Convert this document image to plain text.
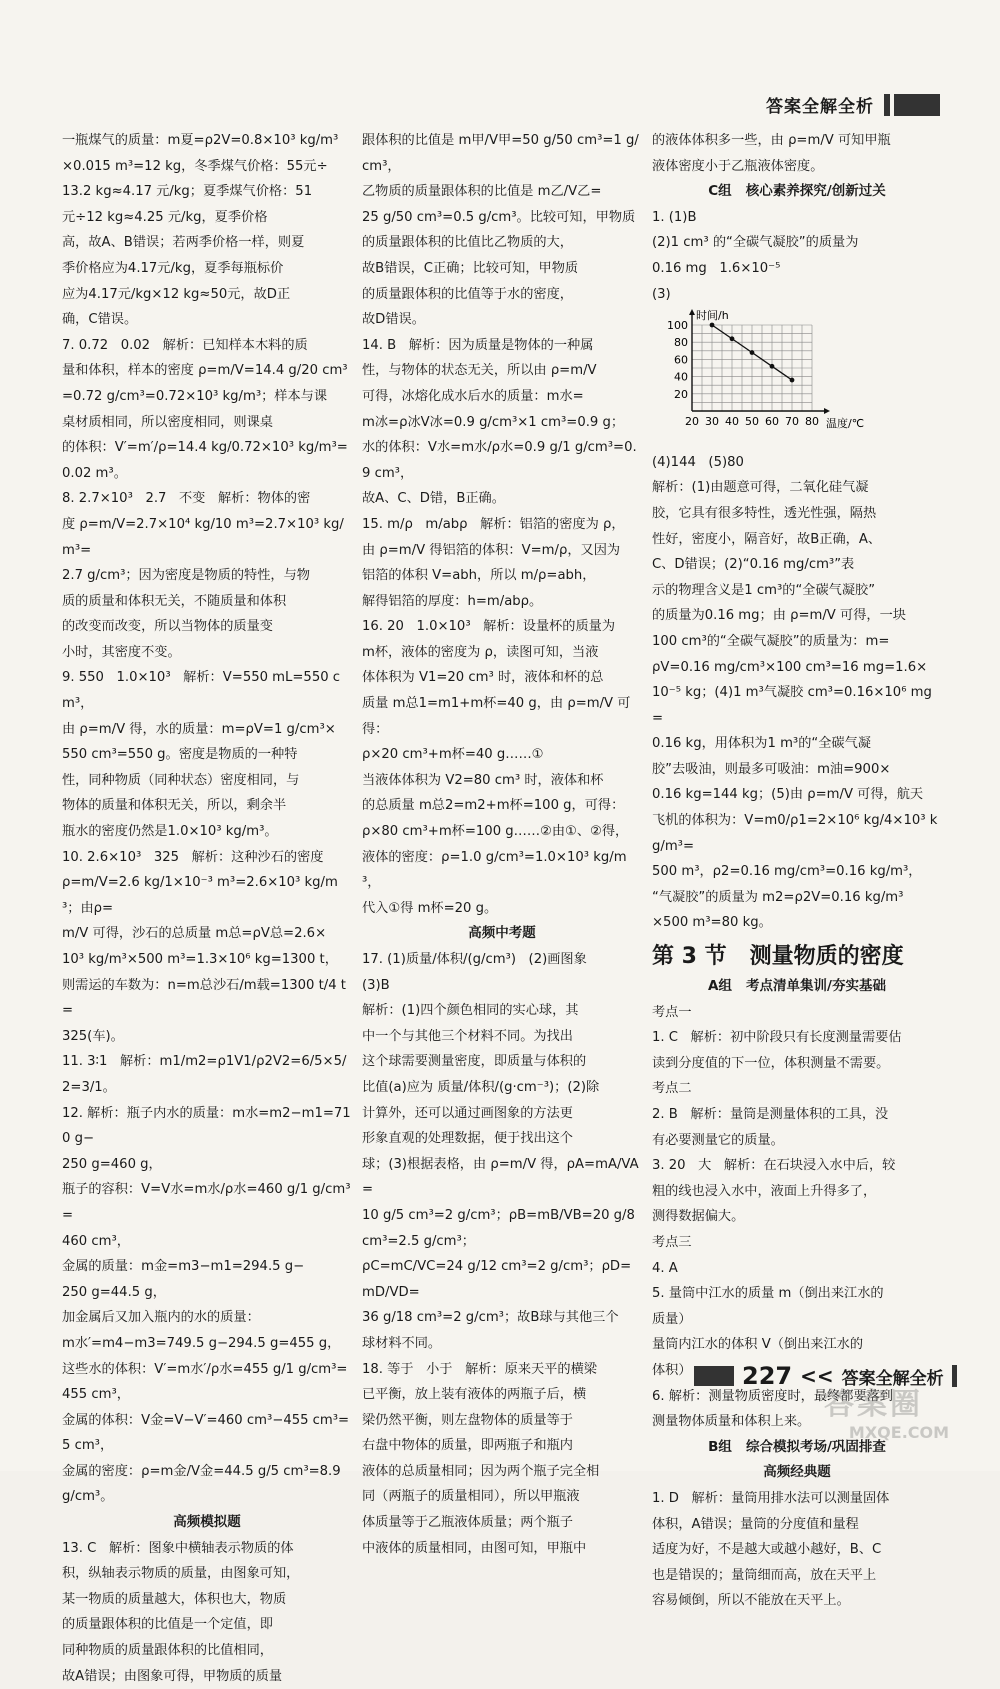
答案全解全析

一瓶煤气的质量：m夏=ρ2V=0.8×10³ kg/m³

×0.015 m³=12 kg，冬季煤气价格：55元÷

13.2 kg≈4.17 元/kg；夏季煤气价格：51

元÷12 kg≈4.25 元/kg，夏季价格

高，故A、B错误；若两季价格一样，则夏

季价格应为4.17元/kg，夏季每瓶标价

应为4.17元/kg×12 kg≈50元，故D正

确，C错误。

7. 0.72   0.02   解析：已知样本木料的质

量和体积，样本的密度 ρ=m/V=14.4 g/20 cm³

=0.72 g/cm³=0.72×10³ kg/m³；样本与课

桌材质相同，所以密度相同，则课桌

的体积：V′=m′/ρ=14.4 kg/0.72×10³ kg/m³=

0.02 m³。

8. 2.7×10³   2.7   不变   解析：物体的密

度 ρ=m/V=2.7×10⁴ kg/10 m³=2.7×10³ kg/m³=

2.7 g/cm³；因为密度是物质的特性，与物

质的质量和体积无关，不随质量和体积

的改变而改变，所以当物体的质量变

小时，其密度不变。

9. 550   1.0×10³   解析：V=550 mL=550 cm³，

由 ρ=m/V 得，水的质量：m=ρV=1 g/cm³×

550 cm³=550 g。密度是物质的一种特

性，同种物质（同种状态）密度相同，与

物体的质量和体积无关，所以，剩余半

瓶水的密度仍然是1.0×10³ kg/m³。

10. 2.6×10³   325   解析：这种沙石的密度

ρ=m/V=2.6 kg/1×10⁻³ m³=2.6×10³ kg/m³；由ρ=

m/V 可得，沙石的总质量 m总=ρV总=2.6×

10³ kg/m³×500 m³=1.3×10⁶ kg=1300 t，

则需运的车数为：n=m总沙石/m载=1300 t/4 t=

325(车)。

11. 3∶1   解析：m1/m2=ρ1V1/ρ2V2=6/5×5/2=3/1。

12. 解析：瓶子内水的质量：m水=m2−m1=710 g−

250 g=460 g，

瓶子的容积：V=V水=m水/ρ水=460 g/1 g/cm³=

460 cm³，

金属的质量：m金=m3−m1=294.5 g−

250 g=44.5 g，

加金属后又加入瓶内的水的质量：

m水′=m4−m3=749.5 g−294.5 g=455 g，

这些水的体积：V′=m水′/ρ水=455 g/1 g/cm³=

455 cm³，

金属的体积：V金=V−V′=460 cm³−455 cm³=

5 cm³，

金属的密度：ρ=m金/V金=44.5 g/5 cm³=8.9 g/cm³。

高频模拟题

13. C   解析：图象中横轴表示物质的体

积，纵轴表示物质的质量，由图象可知，

某一物质的质量越大，体积也大，物质

的质量跟体积的比值是一个定值，即

同种物质的质量跟体积的比值相同，

故A错误；由图象可得，甲物质的质量

跟体积的比值是 m甲/V甲=50 g/50 cm³=1 g/cm³，

乙物质的质量跟体积的比值是 m乙/V乙=

25 g/50 cm³=0.5 g/cm³。比较可知，甲物质

的质量跟体积的比值比乙物质的大，

故B错误，C正确；比较可知，甲物质

的质量跟体积的比值等于水的密度，

故D错误。

14. B   解析：因为质量是物体的一种属

性，与物体的状态无关，所以由 ρ=m/V

可得，冰熔化成水后水的质量：m水=

m冰=ρ冰V冰=0.9 g/cm³×1 cm³=0.9 g；

水的体积：V水=m水/ρ水=0.9 g/1 g/cm³=0.9 cm³，

故A、C、D错，B正确。

15. m/ρ   m/abρ   解析：铝箔的密度为 ρ，

由 ρ=m/V 得铝箔的体积：V=m/ρ，又因为

铝箔的体积 V=abh，所以 m/ρ=abh，

解得铝箔的厚度：h=m/abρ。

16. 20   1.0×10³   解析：设量杯的质量为

m杯，液体的密度为 ρ，读图可知，当液

体体积为 V1=20 cm³ 时，液体和杯的总

质量 m总1=m1+m杯=40 g，由 ρ=m/V 可得：

ρ×20 cm³+m杯=40 g……①

当液体体积为 V2=80 cm³ 时，液体和杯

的总质量 m总2=m2+m杯=100 g，可得：

ρ×80 cm³+m杯=100 g……②由①、②得，

液体的密度：ρ=1.0 g/cm³=1.0×10³ kg/m³，

代入①得 m杯=20 g。

高频中考题

17. (1)质量/体积/(g/cm³)   (2)画图象

(3)B

解析：(1)四个颜色相同的实心球，其

中一个与其他三个材料不同。为找出

这个球需要测量密度，即质量与体积的

比值(a)应为 质量/体积/(g·cm⁻³)；(2)除

计算外，还可以通过画图象的方法更

形象直观的处理数据，便于找出这个

球；(3)根据表格，由 ρ=m/V 得，ρA=mA/VA=

10 g/5 cm³=2 g/cm³；ρB=mB/VB=20 g/8 cm³=2.5 g/cm³；

ρC=mC/VC=24 g/12 cm³=2 g/cm³；ρD=mD/VD=

36 g/18 cm³=2 g/cm³；故B球与其他三个

球材料不同。

18. 等于   小于   解析：原来天平的横梁

已平衡，放上装有液体的两瓶子后，横

梁仍然平衡，则左盘物体的质量等于

右盘中物体的质量，即两瓶子和瓶内

液体的总质量相同；因为两个瓶子完全相

同（两瓶子的质量相同），所以甲瓶液

体质量等于乙瓶液体质量；两个瓶子

中液体的质量相同，由图可知，甲瓶中

的液体体积多一些，由 ρ=m/V 可知甲瓶

液体密度小于乙瓶液体密度。

C组   核心素养探究/创新过关

1. (1)B

(2)1 cm³ 的“全碳气凝胶”的质量为

0.16 mg   1.6×10⁻⁵

(3)

100
80
60
40
20
20 30 40 50 60 70 80
时间/h
温度/℃

(4)144   (5)80

解析：(1)由题意可得，二氧化硅气凝

胶，它具有很多特性，透光性强，隔热

性好，密度小，隔音好，故B正确，A、

C、D错误；(2)“0.16 mg/cm³”表

示的物理含义是1 cm³的“全碳气凝胶”

的质量为0.16 mg；由 ρ=m/V 可得，一块

100 cm³的“全碳气凝胶”的质量为：m=

ρV=0.16 mg/cm³×100 cm³=16 mg=1.6×

10⁻⁵ kg；(4)1 m³气凝胶 cm³=0.16×10⁶ mg=

0.16 kg，用体积为1 m³的“全碳气凝

胶”去吸油，则最多可吸油：m油=900×

0.16 kg=144 kg；(5)由 ρ=m/V 可得，航天

飞机的体积为：V=m0/ρ1=2×10⁶ kg/4×10³ kg/m³=

500 m³，ρ2=0.16 mg/cm³=0.16 kg/m³，

“气凝胶”的质量为 m2=ρ2V=0.16 kg/m³

×500 m³=80 kg。

第 3 节   测量物质的密度

A组   考点清单集训/夯实基础

考点一

1. C   解析：初中阶段只有长度测量需要估

读到分度值的下一位，体积测量不需要。

考点二

2. B   解析：量筒是测量体积的工具，没

有必要测量它的质量。

3. 20   大   解析：在石块浸入水中后，较

粗的线也浸入水中，液面上升得多了，

测得数据偏大。

考点三

4. A

5. 量筒中江水的质量 m（倒出来江水的

质量）

量筒内江水的体积 V（倒出来江水的

体积）

6. 解析：测量物质密度时，最终都要落到

测量物体质量和体积上来。

B组   综合模拟考场/巩固排查

高频经典题

1. D   解析：量筒用排水法可以测量固体

体积，A错误；量筒的分度值和量程

适度为好，不是越大或越小越好，B、C

也是错误的；量筒细而高，放在天平上

容易倾倒，所以不能放在天平上。

227 << 答案全解全析
答案圈
MXQE.COM
